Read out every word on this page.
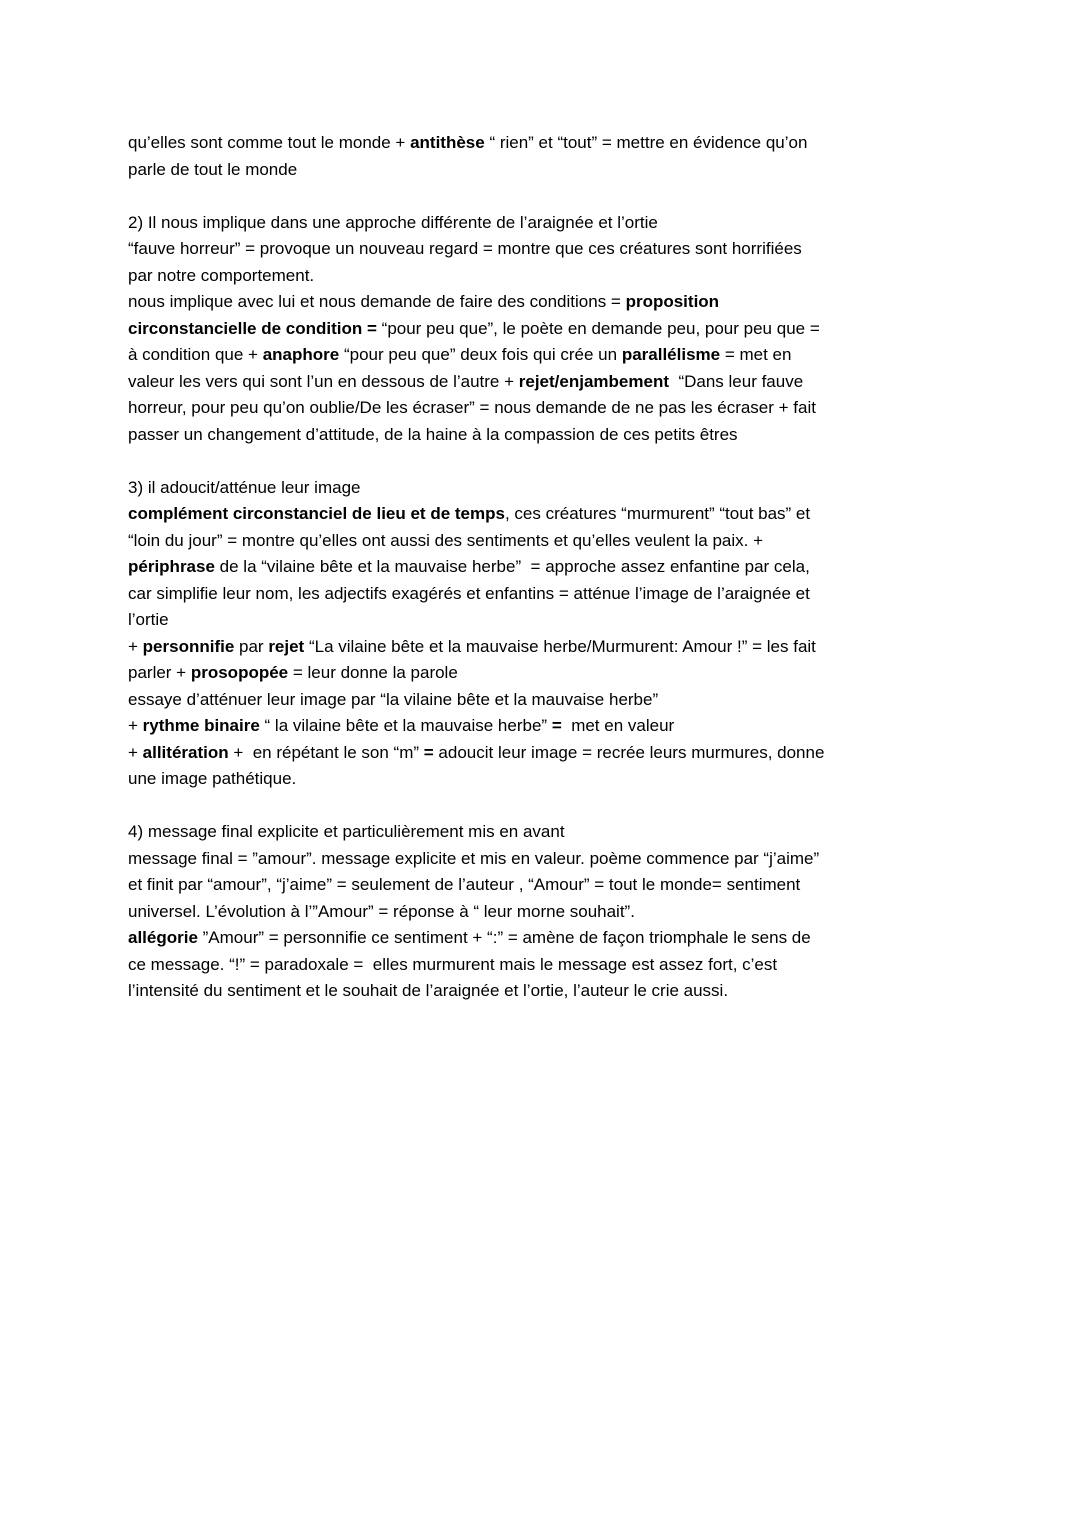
qu’elles sont comme tout le monde + antithèse “ rien” et “tout” = mettre en évidence qu’on
parle de tout le monde
2) Il nous implique dans une approche différente de l’araignée et l’ortie
“fauve horreur” = provoque un nouveau regard = montre que ces créatures sont horrifiées
par notre comportement.
nous implique avec lui et nous demande de faire des conditions = proposition
circonstancielle de condition = “pour peu que”, le poète en demande peu, pour peu que =
à condition que + anaphore “pour peu que” deux fois qui crée un parallélisme = met en
valeur les vers qui sont l’un en dessous de l’autre + rejet/enjambement  “Dans leur fauve
horreur, pour peu qu’on oublie/De les écraser” = nous demande de ne pas les écraser + fait
passer un changement d’attitude, de la haine à la compassion de ces petits êtres
3) il adoucit/atténue leur image
complément circonstanciel de lieu et de temps, ces créatures “murmurent” “tout bas” et
“loin du jour” = montre qu’elles ont aussi des sentiments et qu’elles veulent la paix. +
périphrase de la “vilaine bête et la mauvaise herbe”  = approche assez enfantine par cela,
car simplifie leur nom, les adjectifs exagérés et enfantins = atténue l’image de l’araignée et
l’ortie
+ personnifie par rejet “La vilaine bête et la mauvaise herbe/Murmurent: Amour !” = les fait
parler + prosopopée = leur donne la parole
essaye d’atténuer leur image par “la vilaine bête et la mauvaise herbe”
+ rythme binaire “ la vilaine bête et la mauvaise herbe” =  met en valeur
+ allitération +  en répétant le son “m” = adoucit leur image = recrée leurs murmures, donne
une image pathétique.
4) message final explicite et particulièrement mis en avant
message final = ”amour”. message explicite et mis en valeur. poème commence par “j’aime”
et finit par “amour”, “j’aime” = seulement de l’auteur , “Amour” = tout le monde= sentiment
universel. L’évolution à l’”Amour” = réponse à “ leur morne souhait”.
allégorie ”Amour” = personnifie ce sentiment + “:” = amène de façon triomphale le sens de
ce message. “!” = paradoxale =  elles murmurent mais le message est assez fort, c’est
l’intensité du sentiment et le souhait de l’araignée et l’ortie, l’auteur le crie aussi.
